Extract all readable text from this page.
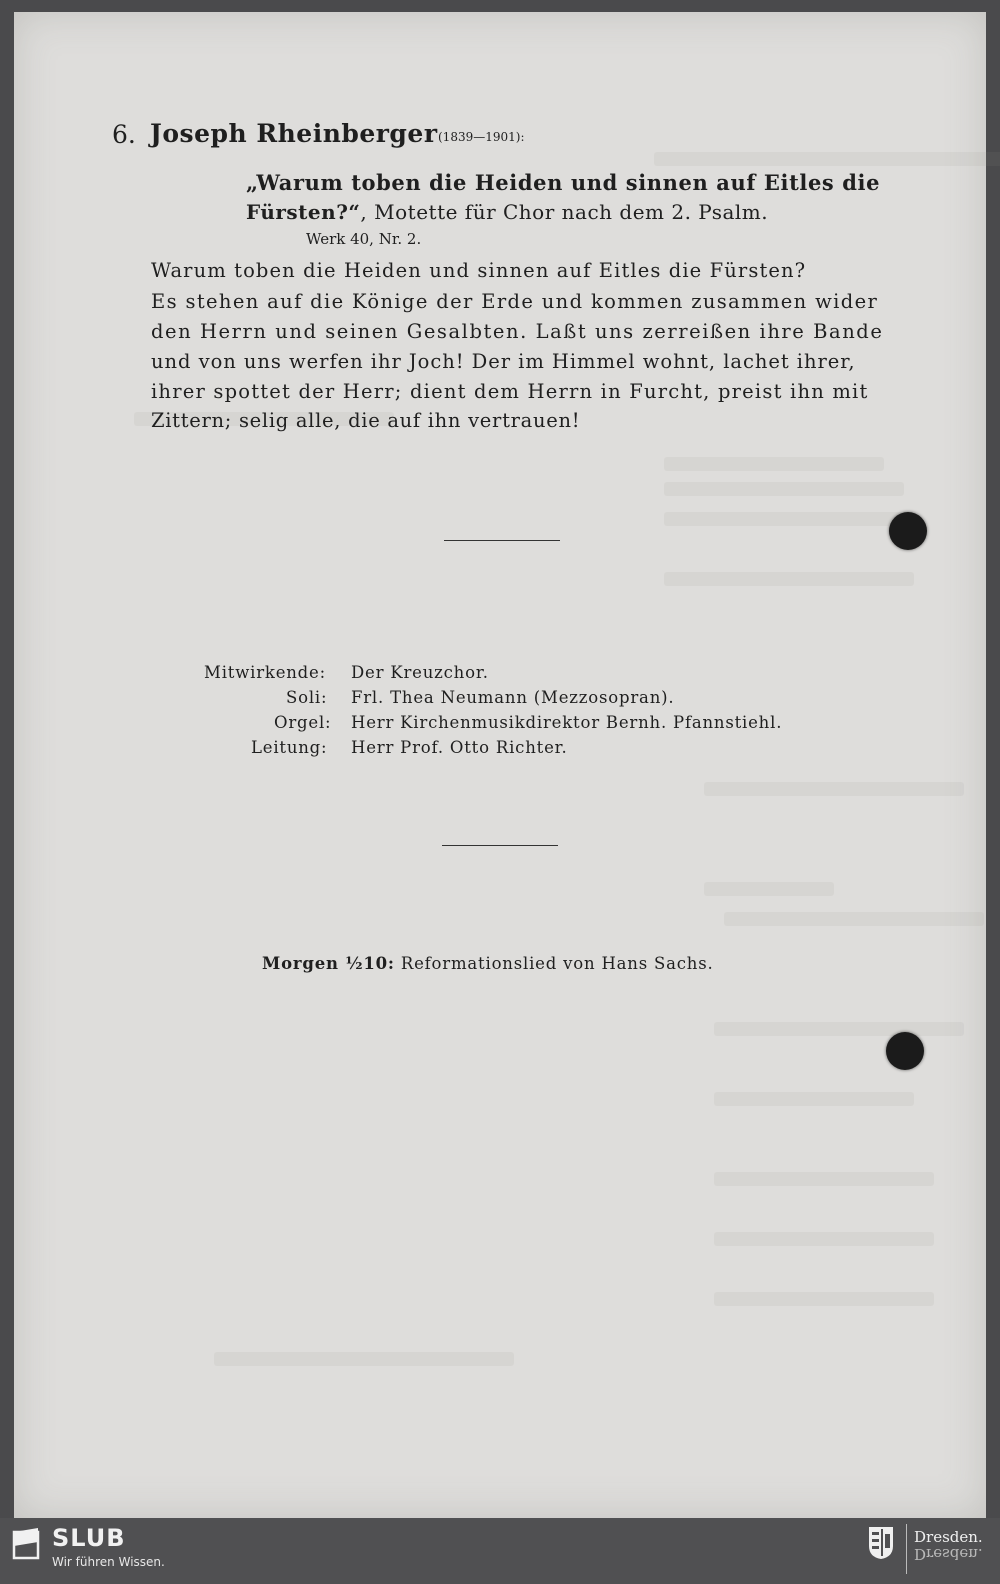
6. Joseph Rheinberger (1839—1901):
„Warum toben die Heiden und sinnen auf Eitles die
Fürsten?“, Motette für Chor nach dem 2. Psalm.
Werk 40, Nr. 2.
Warum toben die Heiden und sinnen auf Eitles die Fürsten?
Es stehen auf die Könige der Erde und kommen zusammen wider
den Herrn und seinen Gesalbten. Laßt uns zerreißen ihre Bande
und von uns werfen ihr Joch! Der im Himmel wohnt, lachet ihrer,
ihrer spottet der Herr; dient dem Herrn in Furcht, preist ihn mit
Zittern; selig alle, die auf ihn vertrauen!
Mitwirkende: Der Kreuzchor.
Soli: Frl. Thea Neumann (Mezzosopran).
Orgel: Herr Kirchenmusikdirektor Bernh. Pfannstiehl.
Leitung: Herr Prof. Otto Richter.
Morgen ½10: Reformationslied von Hans Sachs.
SLUB
Wir führen Wissen.
Dresden.
Dresden.
